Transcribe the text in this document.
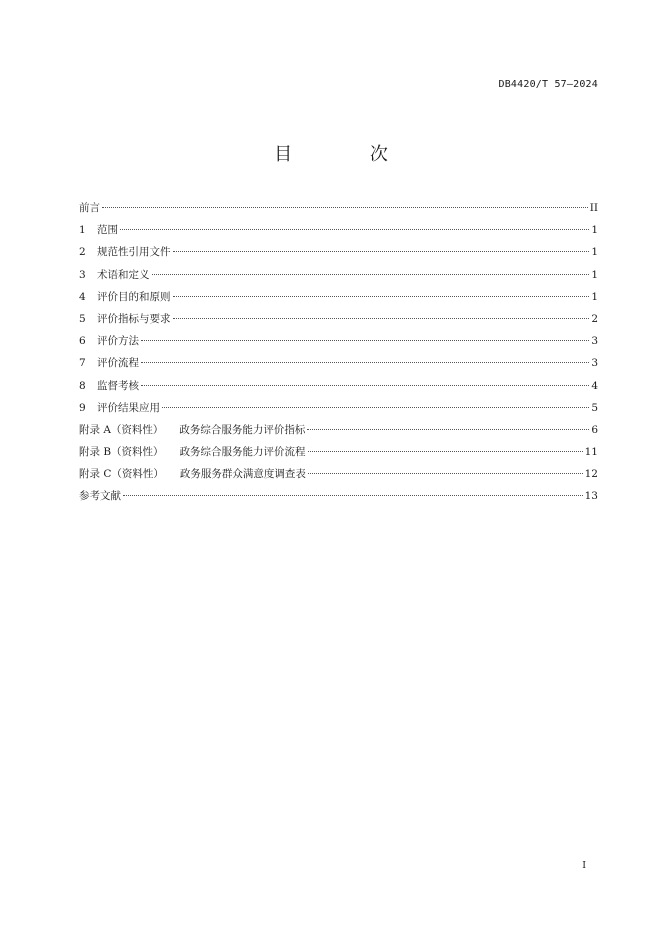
DB4420/T 57—2024
目 次
前言	II
1	范围	1
2	规范性引用文件	1
3	术语和定义	1
4	评价目的和原则	1
5	评价指标与要求	2
6	评价方法	3
7	评价流程	3
8	监督考核	4
9	评价结果应用	5
附录 A（资料性） 政务综合服务能力评价指标	6
附录 B（资料性） 政务综合服务能力评价流程	11
附录 C（资料性） 政务服务群众满意度调查表	12
参考文献	13
I
